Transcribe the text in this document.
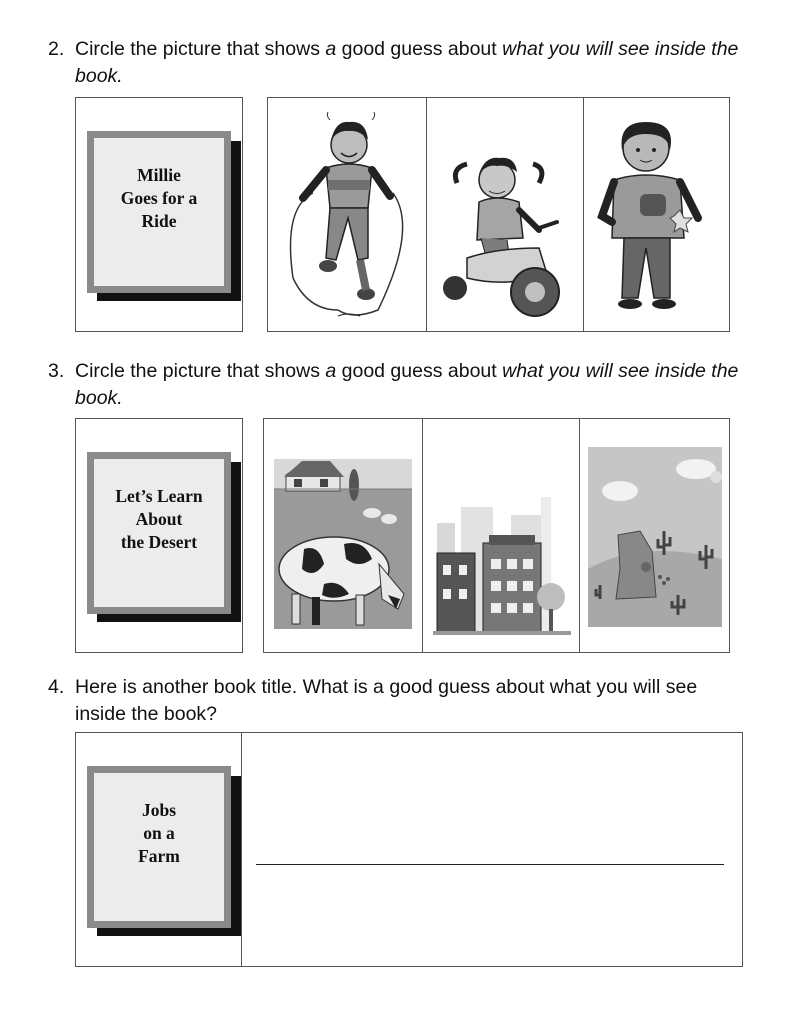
2. Circle the picture that shows a good guess about what you will see inside the book.
Millie
Goes for a
Ride
3. Circle the picture that shows a good guess about what you will see inside the book.
Let’s Learn
About
the Desert
4. Here is another book title. What is a good guess about what you will see inside the book?
Jobs
on a
Farm
